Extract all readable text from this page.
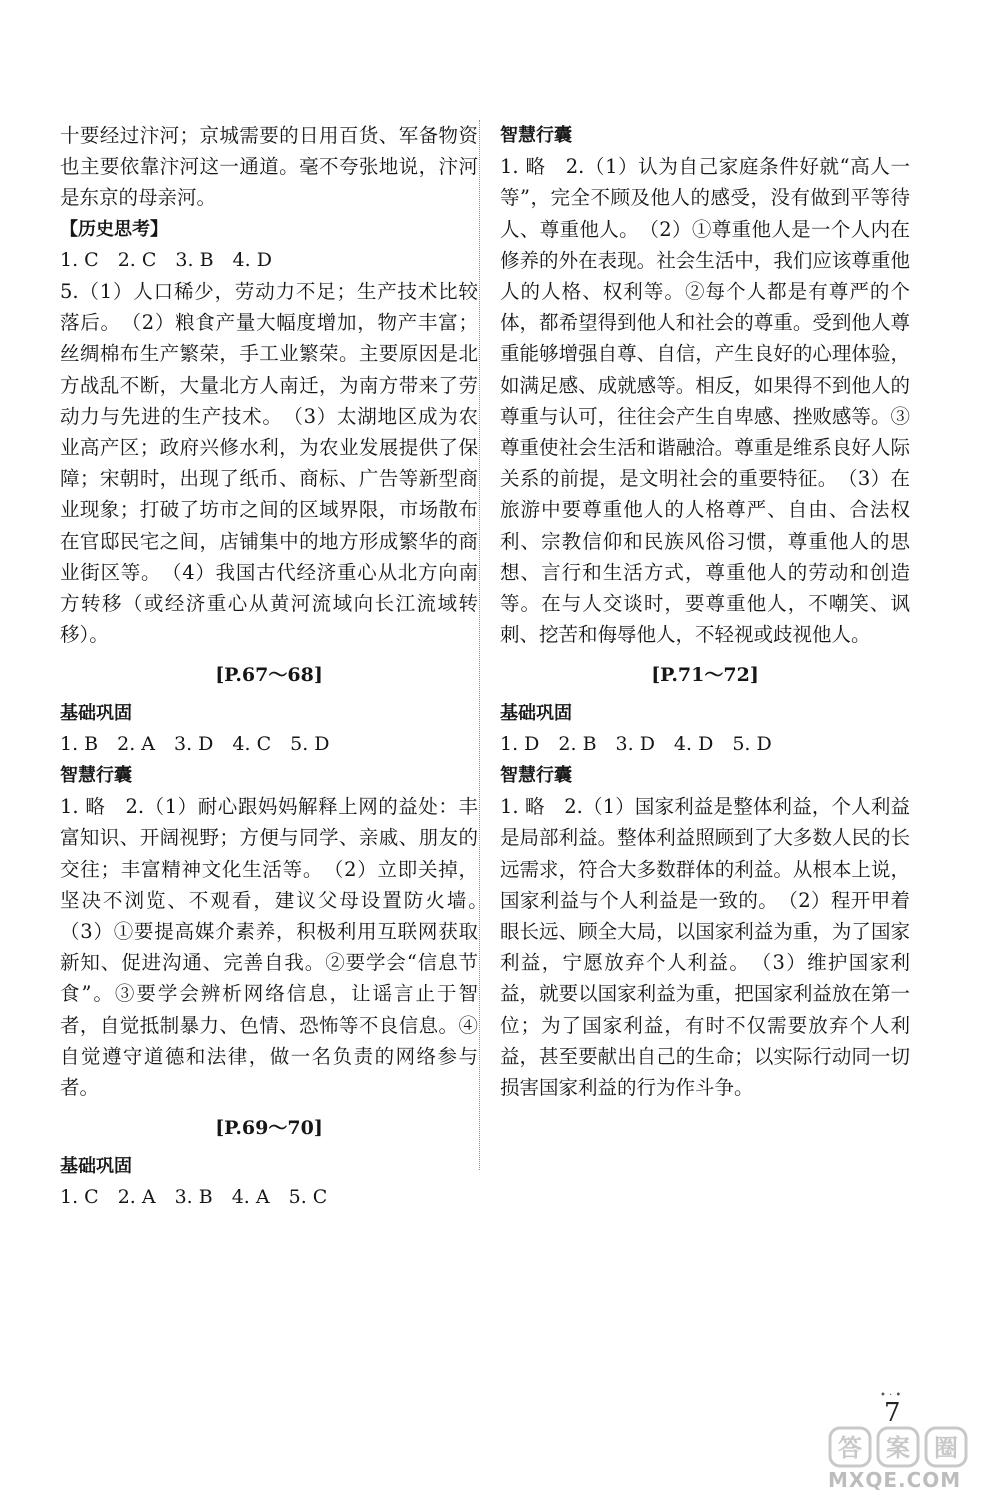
十要经过汴河；京城需要的日用百货、军备物资也主要依靠汴河这一通道。毫不夸张地说，汴河是东京的母亲河。

【历史思考】

1. C　2. C　3. B　4. D

5.（1）人口稀少，劳动力不足；生产技术比较落后。　（2）粮食产量大幅度增加，物产丰富；丝绸棉布生产繁荣，手工业繁荣。主要原因是北方战乱不断，大量北方人南迁，为南方带来了劳动力与先进的生产技术。　（3）太湖地区成为农业高产区；政府兴修水利，为农业发展提供了保障；宋朝时，出现了纸币、商标、广告等新型商业现象；打破了坊市之间的区域界限，市场散布在官邸民宅之间，店铺集中的地方形成繁华的商业街区等。　（4）我国古代经济重心从北方向南方转移（或经济重心从黄河流域向长江流域转移）。

[P.67～68]
基础巩固

1. B　2. A　3. D　4. C　5. D

智慧行囊

1. 略　2.（1）耐心跟妈妈解释上网的益处：丰富知识、开阔视野；方便与同学、亲戚、朋友的交往；丰富精神文化生活等。　（2）立即关掉，坚决不浏览、不观看，建议父母设置防火墙。　（3）①要提高媒介素养，积极利用互联网获取新知、促进沟通、完善自我。②要学会“信息节食”。③要学会辨析网络信息，让谣言止于智者，自觉抵制暴力、色情、恐怖等不良信息。④自觉遵守道德和法律，做一名负责的网络参与者。

[P.69～70]
基础巩固

1. C　2. A　3. B　4. A　5. C

智慧行囊

1. 略　2.（1）认为自己家庭条件好就“高人一等”，完全不顾及他人的感受，没有做到平等待人、尊重他人。　（2）①尊重他人是一个人内在修养的外在表现。社会生活中，我们应该尊重他人的人格、权利等。②每个人都是有尊严的个体，都希望得到他人和社会的尊重。受到他人尊重能够增强自尊、自信，产生良好的心理体验，如满足感、成就感等。相反，如果得不到他人的尊重与认可，往往会产生自卑感、挫败感等。③尊重使社会生活和谐融洽。尊重是维系良好人际关系的前提，是文明社会的重要特征。　（3）在旅游中要尊重他人的人格尊严、自由、合法权利、宗教信仰和民族风俗习惯，尊重他人的思想、言行和生活方式，尊重他人的劳动和创造等。在与人交谈时，要尊重他人，不嘲笑、讽刺、挖苦和侮辱他人，不轻视或歧视他人。

[P.71～72]
基础巩固

1. D　2. B　3. D　4. D　5. D

智慧行囊

1. 略　2.（1）国家利益是整体利益，个人利益是局部利益。整体利益照顾到了大多数人民的长远需求，符合大多数群体的利益。从根本上说，国家利益与个人利益是一致的。　（2）程开甲着眼长远、顾全大局，以国家利益为重，为了国家利益，宁愿放弃个人利益。　（3）维护国家利益，就要以国家利益为重，把国家利益放在第一位；为了国家利益，有时不仅需要放弃个人利益，甚至要献出自己的生命；以实际行动同一切损害国家利益的行为作斗争。

• · •
7
答 案 圈
MXQE.COM
